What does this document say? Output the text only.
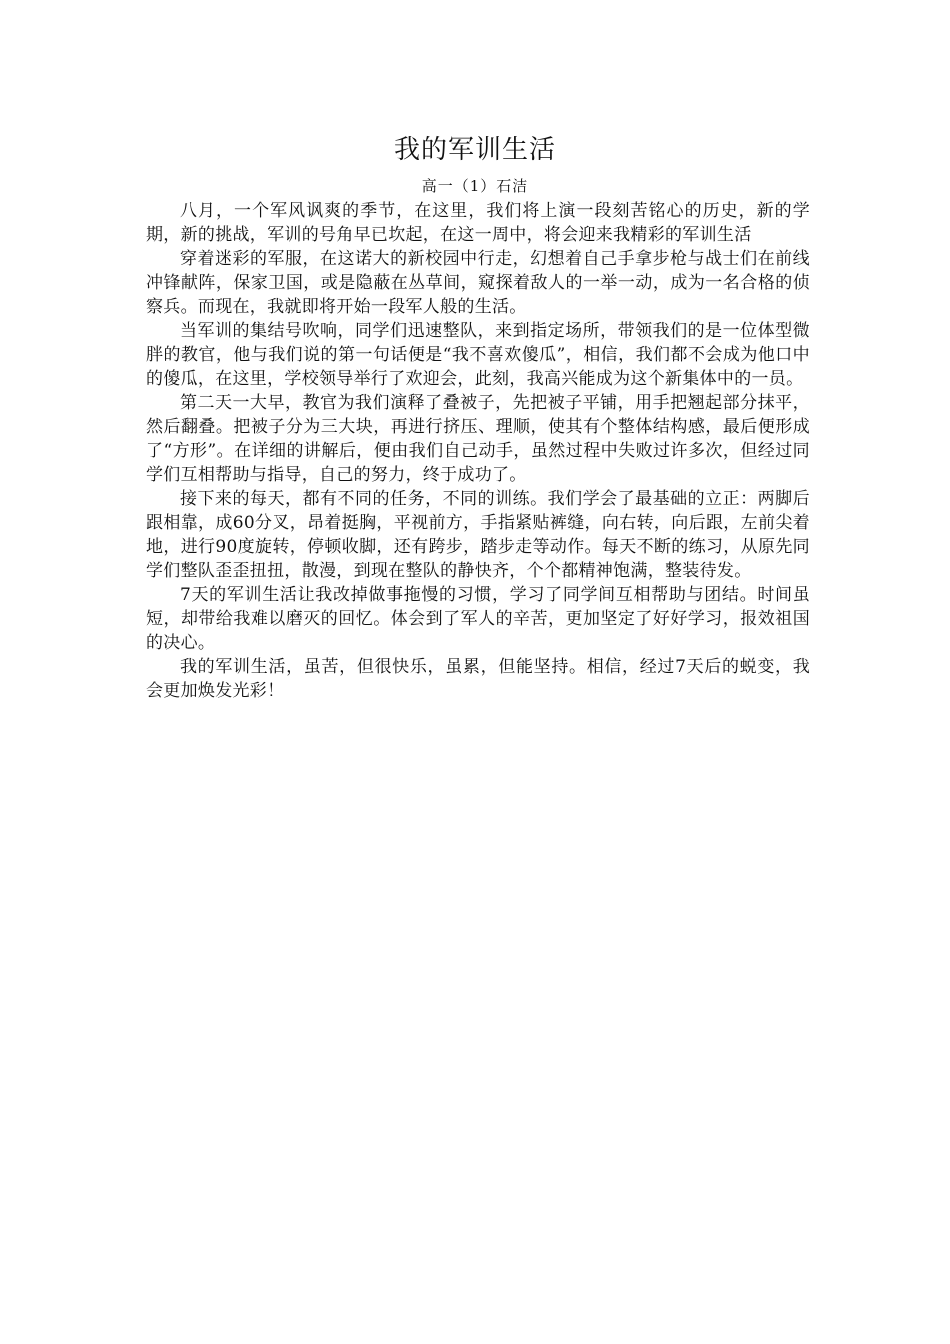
我的军训生活
高一（1）石洁

八月，一个军风讽爽的季节，在这里，我们将上演一段刻苦铭心的历史，新的学期，新的挑战，军训的号角早已坎起，在这一周中，将会迎来我精彩的军训生活

穿着迷彩的军服，在这诺大的新校园中行走，幻想着自己手拿步枪与战士们在前线冲锋献阵，保家卫国，或是隐蔽在丛草间，窥探着敌人的一举一动，成为一名合格的侦察兵。而现在，我就即将开始一段军人般的生活。

当军训的集结号吹响，同学们迅速整队，来到指定场所，带领我们的是一位体型微胖的教官，他与我们说的第一句话便是“我不喜欢傻瓜”，相信，我们都不会成为他口中的傻瓜，在这里，学校领导举行了欢迎会，此刻，我高兴能成为这个新集体中的一员。

第二天一大早，教官为我们演释了叠被子，先把被子平铺，用手把翘起部分抹平，然后翻叠。把被子分为三大块，再进行挤压、理顺，使其有个整体结构感，最后便形成了“方形”。在详细的讲解后，便由我们自己动手，虽然过程中失败过许多次，但经过同学们互相帮助与指导，自己的努力，终于成功了。

接下来的每天，都有不同的任务，不同的训练。我们学会了最基础的立正：两脚后跟相靠，成60分叉，昂着挺胸，平视前方，手指紧贴裤缝，向右转，向后跟，左前尖着地，进行90度旋转，停顿收脚，还有跨步，踏步走等动作。每天不断的练习，从原先同学们整队歪歪扭扭，散漫，到现在整队的静快齐，个个都精神饱满，整装待发。

7天的军训生活让我改掉做事拖慢的习惯，学习了同学间互相帮助与团结。时间虽短，却带给我难以磨灭的回忆。体会到了军人的辛苦，更加坚定了好好学习，报效祖国的决心。

我的军训生活，虽苦，但很快乐，虽累，但能坚持。相信，经过7天后的蜕变，我会更加焕发光彩！
